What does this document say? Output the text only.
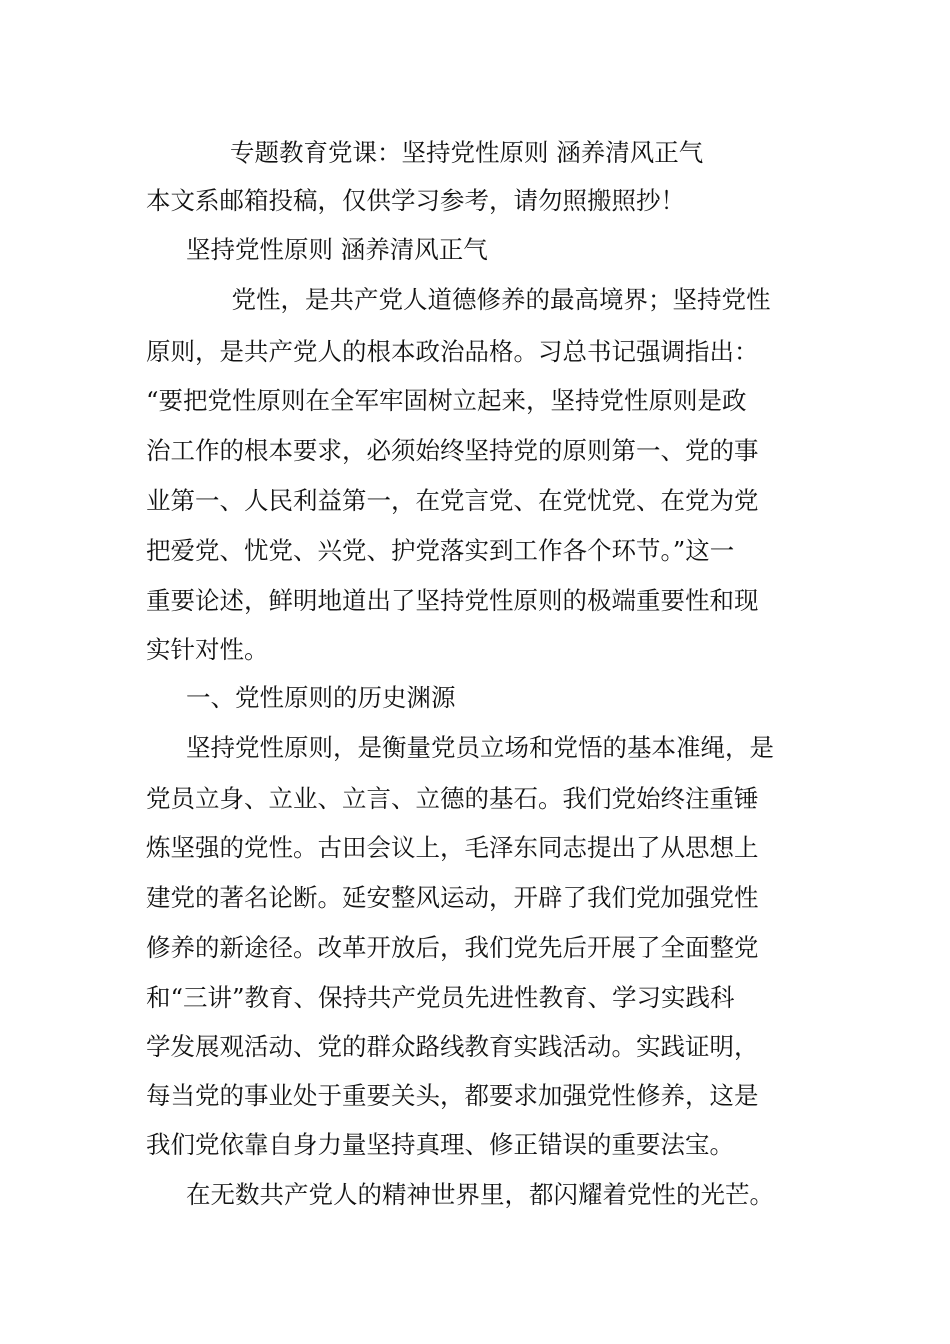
专题教育党课：坚持党性原则 涵养清风正气
本文系邮箱投稿，仅供学习参考，请勿照搬照抄！
坚持党性原则 涵养清风正气
　党性，是共产党人道德修养的最高境界；坚持党性
原则，是共产党人的根本政治品格。习总书记强调指出：
“要把党性原则在全军牢固树立起来，坚持党性原则是政
治工作的根本要求，必须始终坚持党的原则第一、党的事
业第一、人民利益第一，在党言党、在党忧党、在党为党
把爱党、忧党、兴党、护党落实到工作各个环节。”这一
重要论述，鲜明地道出了坚持党性原则的极端重要性和现
实针对性。
一、党性原则的历史渊源
坚持党性原则，是衡量党员立场和党悟的基本准绳，是
党员立身、立业、立言、立德的基石。我们党始终注重锤
炼坚强的党性。古田会议上，毛泽东同志提出了从思想上
建党的著名论断。延安整风运动，开辟了我们党加强党性
修养的新途径。改革开放后，我们党先后开展了全面整党
和“三讲”教育、保持共产党员先进性教育、学习实践科
学发展观活动、党的群众路线教育实践活动。实践证明，
每当党的事业处于重要关头，都要求加强党性修养，这是
我们党依靠自身力量坚持真理、修正错误的重要法宝。
在无数共产党人的精神世界里，都闪耀着党性的光芒。
